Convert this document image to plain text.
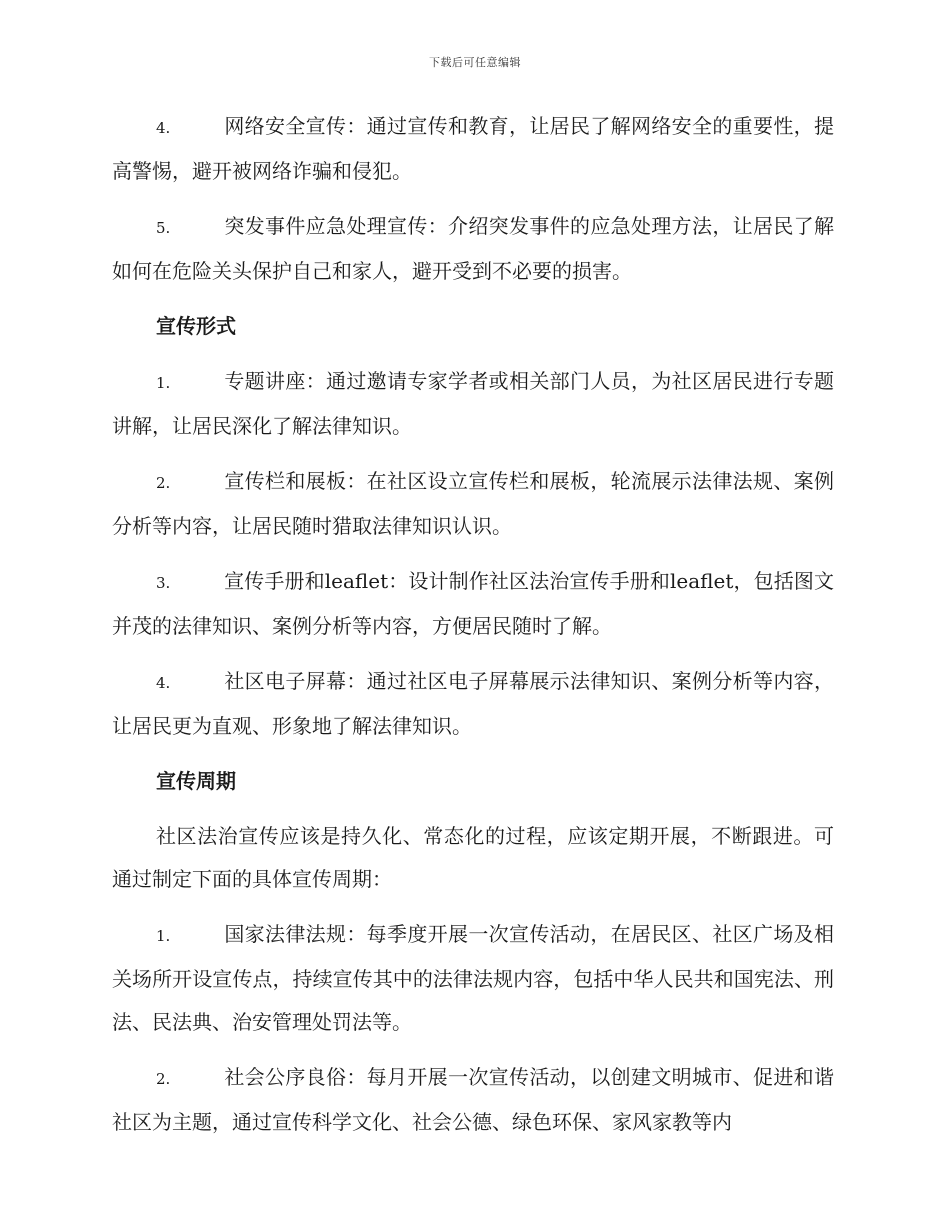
下载后可任意编辑

4.	网络安全宣传：通过宣传和教育，让居民了解网络安全的重要性，提高警惕，避开被网络诈骗和侵犯。

5.	突发事件应急处理宣传：介绍突发事件的应急处理方法，让居民了解如何在危险关头保护自己和家人，避开受到不必要的损害。

宣传形式

1.	专题讲座：通过邀请专家学者或相关部门人员，为社区居民进行专题讲解，让居民深化了解法律知识。

2.	宣传栏和展板：在社区设立宣传栏和展板，轮流展示法律法规、案例分析等内容，让居民随时猎取法律知识认识。

3.	宣传手册和leaflet：设计制作社区法治宣传手册和leaflet，包括图文并茂的法律知识、案例分析等内容，方便居民随时了解。

4.	社区电子屏幕：通过社区电子屏幕展示法律知识、案例分析等内容，让居民更为直观、形象地了解法律知识。

宣传周期

社区法治宣传应该是持久化、常态化的过程，应该定期开展，不断跟进。可通过制定下面的具体宣传周期：

1.	国家法律法规：每季度开展一次宣传活动，在居民区、社区广场及相关场所开设宣传点，持续宣传其中的法律法规内容，包括中华人民共和国宪法、刑法、民法典、治安管理处罚法等。

2.	社会公序良俗：每月开展一次宣传活动，以创建文明城市、促进和谐社区为主题，通过宣传科学文化、社会公德、绿色环保、家风家教等内
